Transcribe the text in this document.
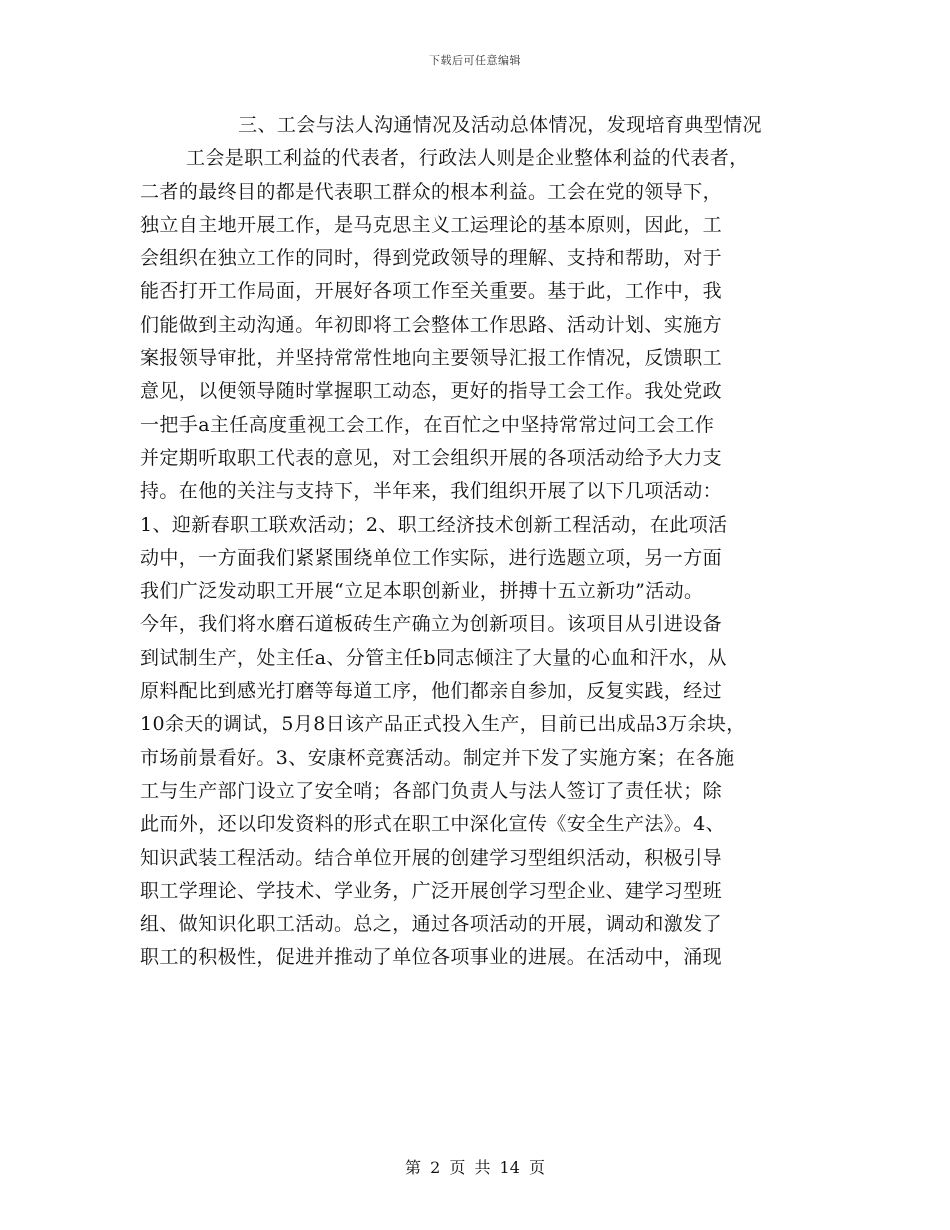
下载后可任意编辑
三、工会与法人沟通情况及活动总体情况，发现培育典型情况
工会是职工利益的代表者，行政法人则是企业整体利益的代表者，
二者的最终目的都是代表职工群众的根本利益。工会在党的领导下，
独立自主地开展工作，是马克思主义工运理论的基本原则，因此，工
会组织在独立工作的同时，得到党政领导的理解、支持和帮助，对于
能否打开工作局面，开展好各项工作至关重要。基于此，工作中，我
们能做到主动沟通。年初即将工会整体工作思路、活动计划、实施方
案报领导审批，并坚持常常性地向主要领导汇报工作情况，反馈职工
意见，以便领导随时掌握职工动态，更好的指导工会工作。我处党政
一把手a主任高度重视工会工作，在百忙之中坚持常常过问工会工作
并定期听取职工代表的意见，对工会组织开展的各项活动给予大力支
持。在他的关注与支持下，半年来，我们组织开展了以下几项活动：
1、迎新春职工联欢活动；2、职工经济技术创新工程活动，在此项活
动中，一方面我们紧紧围绕单位工作实际，进行选题立项，另一方面
我们广泛发动职工开展“立足本职创新业，拼搏十五立新功”活动。
今年，我们将水磨石道板砖生产确立为创新项目。该项目从引进设备
到试制生产，处主任a、分管主任b同志倾注了大量的心血和汗水，从
原料配比到感光打磨等每道工序，他们都亲自参加，反复实践，经过
10余天的调试，5月8日该产品正式投入生产，目前已出成品3万余块，
市场前景看好。3、安康杯竞赛活动。制定并下发了实施方案；在各施
工与生产部门设立了安全哨；各部门负责人与法人签订了责任状；除
此而外，还以印发资料的形式在职工中深化宣传《安全生产法》。4、
知识武装工程活动。结合单位开展的创建学习型组织活动，积极引导
职工学理论、学技术、学业务，广泛开展创学习型企业、建学习型班
组、做知识化职工活动。总之，通过各项活动的开展，调动和激发了
职工的积极性，促进并推动了单位各项事业的进展。在活动中，涌现
第 2 页 共 14 页
